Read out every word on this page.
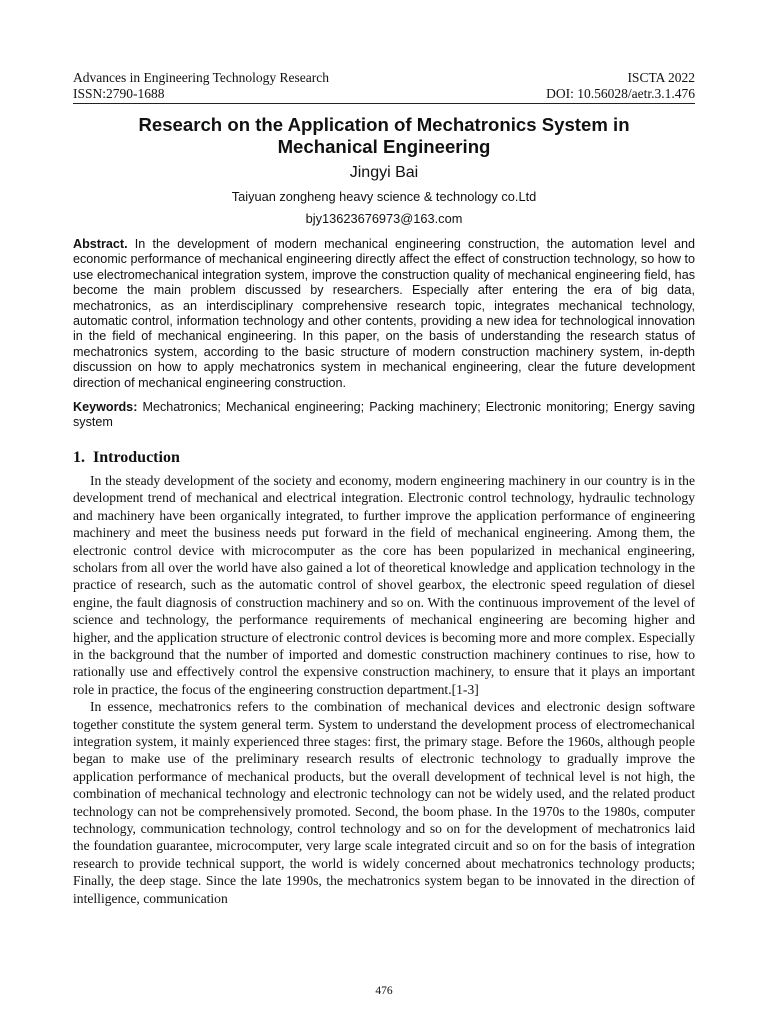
Advances in Engineering Technology Research	ISCTA 2022
ISSN:2790-1688	DOI: 10.56028/aetr.3.1.476
Research on the Application of Mechatronics System in
Mechanical Engineering
Jingyi Bai
Taiyuan zongheng heavy science & technology co.Ltd
bjy13623676973@163.com

Abstract. In the development of modern mechanical engineering construction, the automation level and economic performance of mechanical engineering directly affect the effect of construction technology, so how to use electromechanical integration system, improve the construction quality of mechanical engineering field, has become the main problem discussed by researchers. Especially after entering the era of big data, mechatronics, as an interdisciplinary comprehensive research topic, integrates mechanical technology, automatic control, information technology and other contents, providing a new idea for technological innovation in the field of mechanical engineering. In this paper, on the basis of understanding the research status of mechatronics system, according to the basic structure of modern construction machinery system, in-depth discussion on how to apply mechatronics system in mechanical engineering, clear the future development direction of mechanical engineering construction.

Keywords: Mechatronics; Mechanical engineering; Packing machinery; Electronic monitoring; Energy saving system

1. Introduction

In the steady development of the society and economy, modern engineering machinery in our country is in the development trend of mechanical and electrical integration. Electronic control technology, hydraulic technology and machinery have been organically integrated, to further improve the application performance of engineering machinery and meet the business needs put forward in the field of mechanical engineering. Among them, the electronic control device with microcomputer as the core has been popularized in mechanical engineering, scholars from all over the world have also gained a lot of theoretical knowledge and application technology in the practice of research, such as the automatic control of shovel gearbox, the electronic speed regulation of diesel engine, the fault diagnosis of construction machinery and so on. With the continuous improvement of the level of science and technology, the performance requirements of mechanical engineering are becoming higher and higher, and the application structure of electronic control devices is becoming more and more complex. Especially in the background that the number of imported and domestic construction machinery continues to rise, how to rationally use and effectively control the expensive construction machinery, to ensure that it plays an important role in practice, the focus of the engineering construction department.[1-3]

In essence, mechatronics refers to the combination of mechanical devices and electronic design software together constitute the system general term. System to understand the development process of electromechanical integration system, it mainly experienced three stages: first, the primary stage. Before the 1960s, although people began to make use of the preliminary research results of electronic technology to gradually improve the application performance of mechanical products, but the overall development of technical level is not high, the combination of mechanical technology and electronic technology can not be widely used, and the related product technology can not be comprehensively promoted. Second, the boom phase. In the 1970s to the 1980s, computer technology, communication technology, control technology and so on for the development of mechatronics laid the foundation guarantee, microcomputer, very large scale integrated circuit and so on for the basis of integration research to provide technical support, the world is widely concerned about mechatronics technology products; Finally, the deep stage. Since the late 1990s, the mechatronics system began to be innovated in the direction of intelligence, communication

476
